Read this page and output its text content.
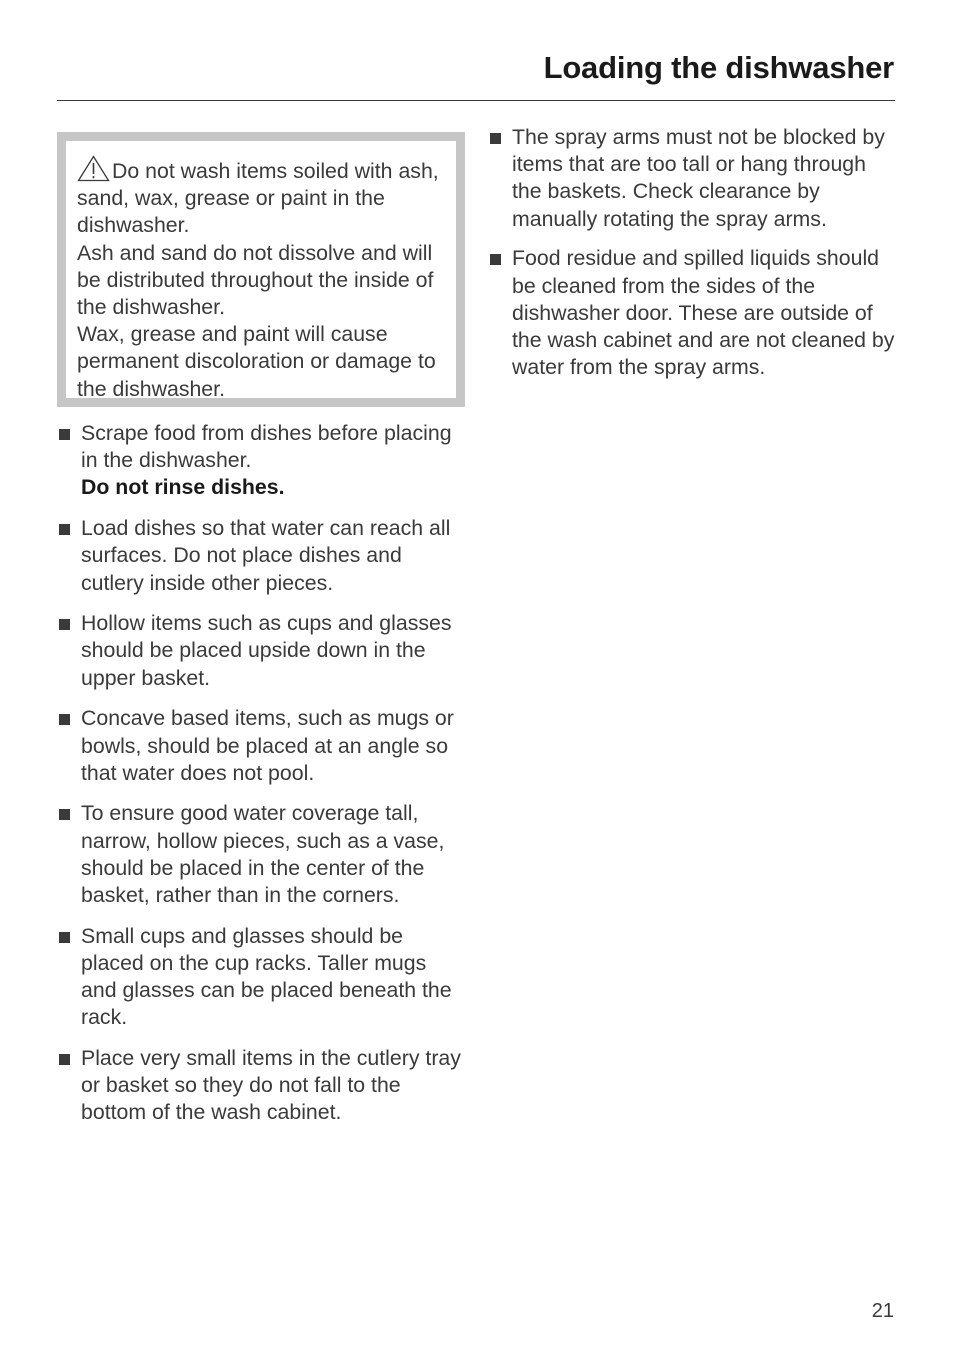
Loading the dishwasher

Do not wash items soiled with ash, sand, wax, grease or paint in the dishwasher.
Ash and sand do not dissolve and will be distributed throughout the inside of the dishwasher.
Wax, grease and paint will cause permanent discoloration or damage to the dishwasher.

Scrape food from dishes before placing in the dishwasher.
Do not rinse dishes.
Load dishes so that water can reach all surfaces. Do not place dishes and cutlery inside other pieces.
Hollow items such as cups and glasses should be placed upside down in the upper basket.
Concave based items, such as mugs or bowls, should be placed at an angle so that water does not pool.
To ensure good water coverage tall, narrow, hollow pieces, such as a vase, should be placed in the center of the basket, rather than in the corners.
Small cups and glasses should be placed on the cup racks. Taller mugs and glasses can be placed beneath the rack.
Place very small items in the cutlery tray or basket so they do not fall to the bottom of the wash cabinet.
The spray arms must not be blocked by items that are too tall or hang through the baskets. Check clearance by manually rotating the spray arms.
Food residue and spilled liquids should be cleaned from the sides of the dishwasher door. These are outside of the wash cabinet and are not cleaned by water from the spray arms.

21
